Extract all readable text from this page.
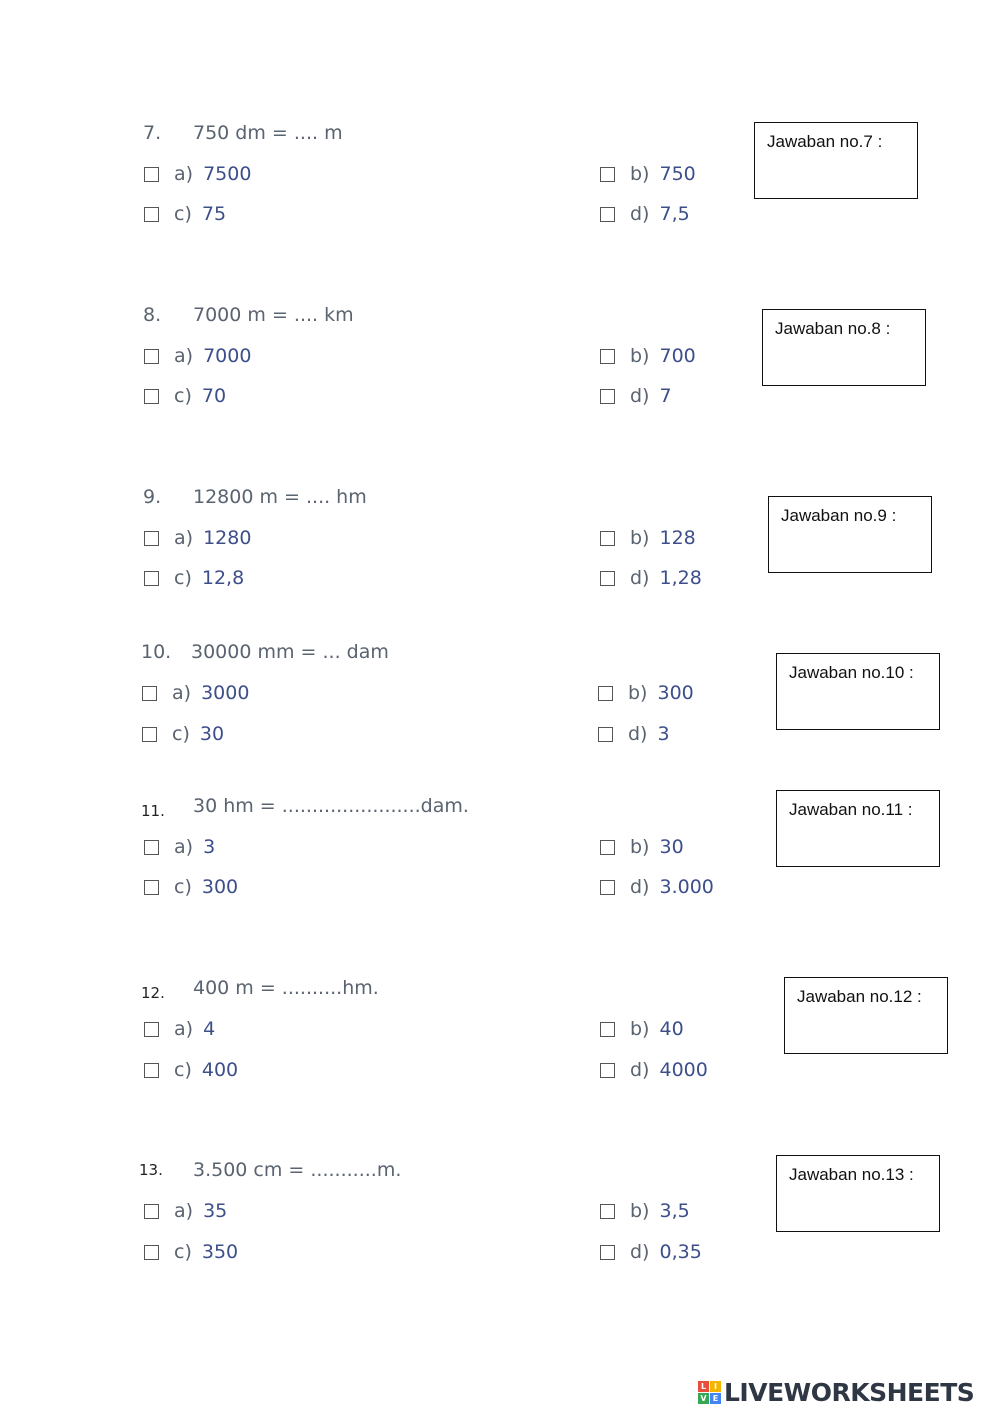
7. 750 dm = .... m
a) 7500	b) 750
c) 75	d) 7,5
Jawaban no.7 :
8. 7000 m = .... km
a) 7000	b) 700
c) 70	d) 7
Jawaban no.8 :
9. 12800 m = .... hm
a) 1280	b) 128
c) 12,8	d) 1,28
Jawaban no.9 :
10. 30000 mm = ... dam
a) 3000	b) 300
c) 30	d) 3
Jawaban no.10 :
11. 30 hm = .......................dam.
a) 3	b) 30
c) 300	d) 3.000
Jawaban no.11 :
12. 400 m = ..........hm.
a) 4	b) 40
c) 400	d) 4000
Jawaban no.12 :
13. 3.500 cm = ...........m.
a) 35	b) 3,5
c) 350	d) 0,35
Jawaban no.13 :
L I
V E LIVEWORKSHEETS
